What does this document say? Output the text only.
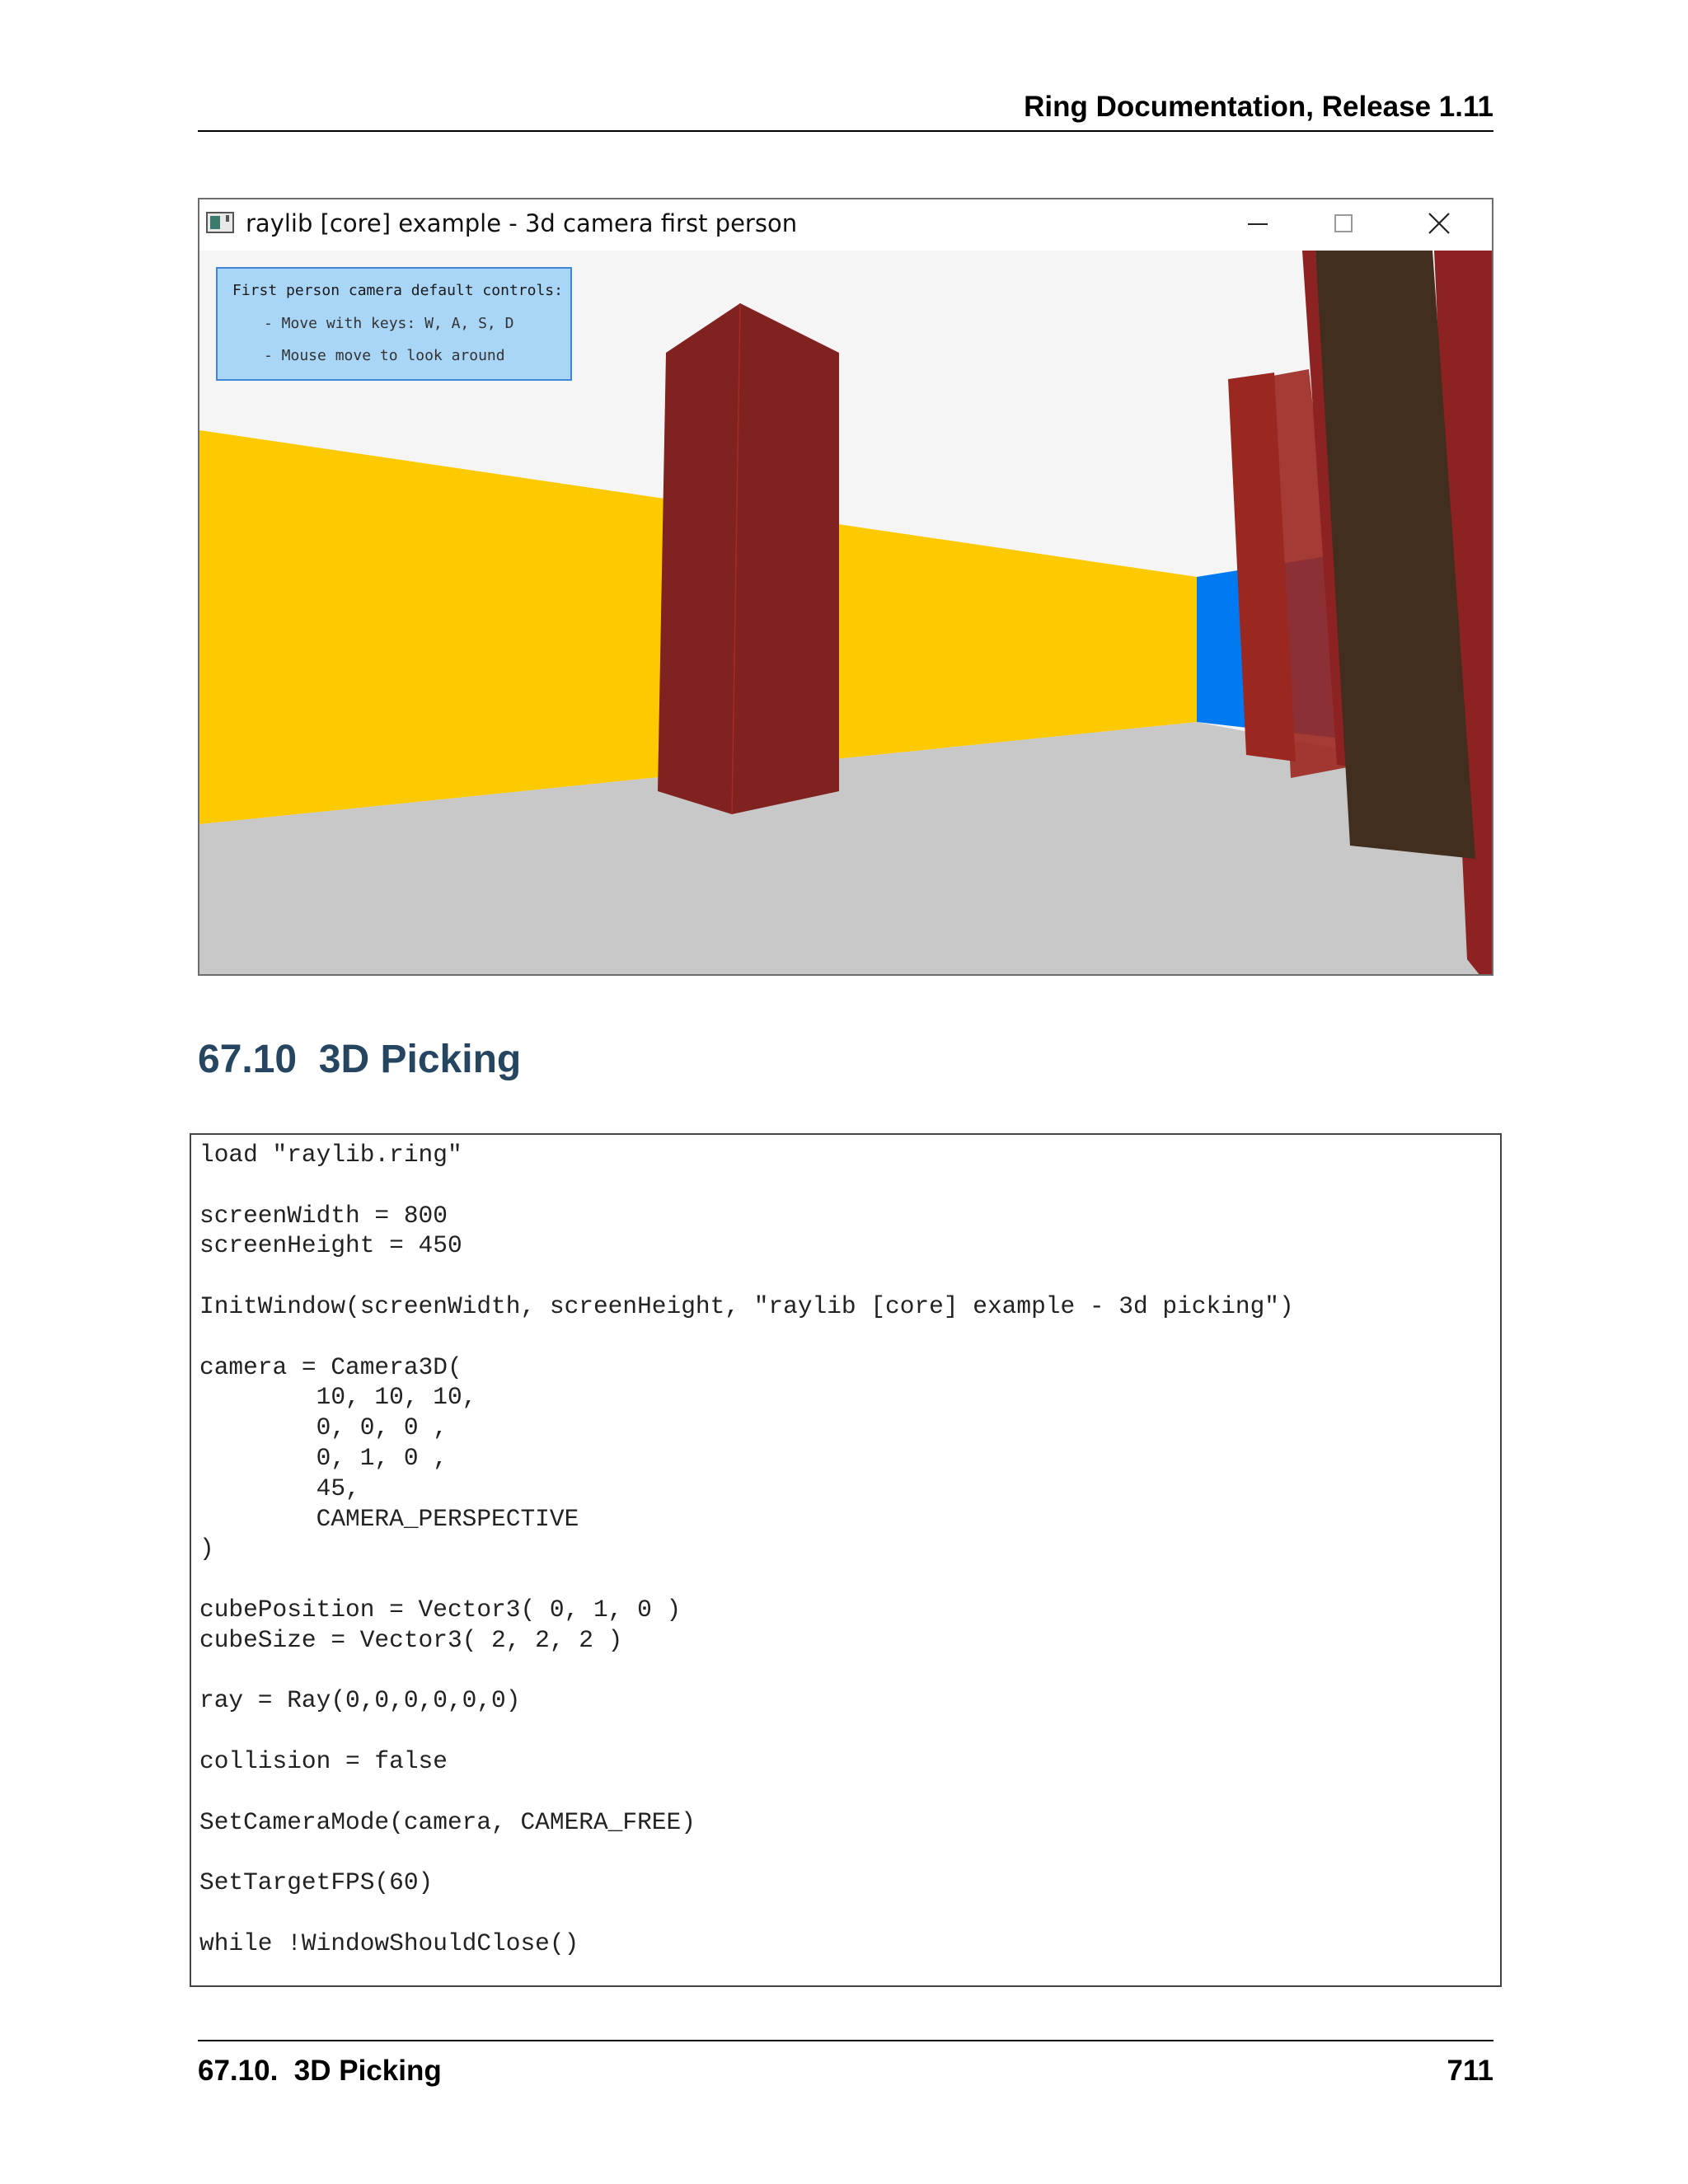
Ring Documentation, Release 1.11
raylib [core] example - 3d camera first person
First person camera default controls:
- Move with keys: W, A, S, D
- Mouse move to look around
67.10  3D Picking
load "raylib.ring"

screenWidth = 800
screenHeight = 450

InitWindow(screenWidth, screenHeight, "raylib [core] example - 3d picking")

camera = Camera3D(
10, 10, 10,
0, 0, 0 ,
0, 1, 0 ,
45,
CAMERA_PERSPECTIVE
)

cubePosition = Vector3( 0, 1, 0 )
cubeSize = Vector3( 2, 2, 2 )

ray = Ray(0,0,0,0,0,0)

collision = false

SetCameraMode(camera, CAMERA_FREE)

SetTargetFPS(60)

while !WindowShouldClose()
67.10.  3D Picking	711
